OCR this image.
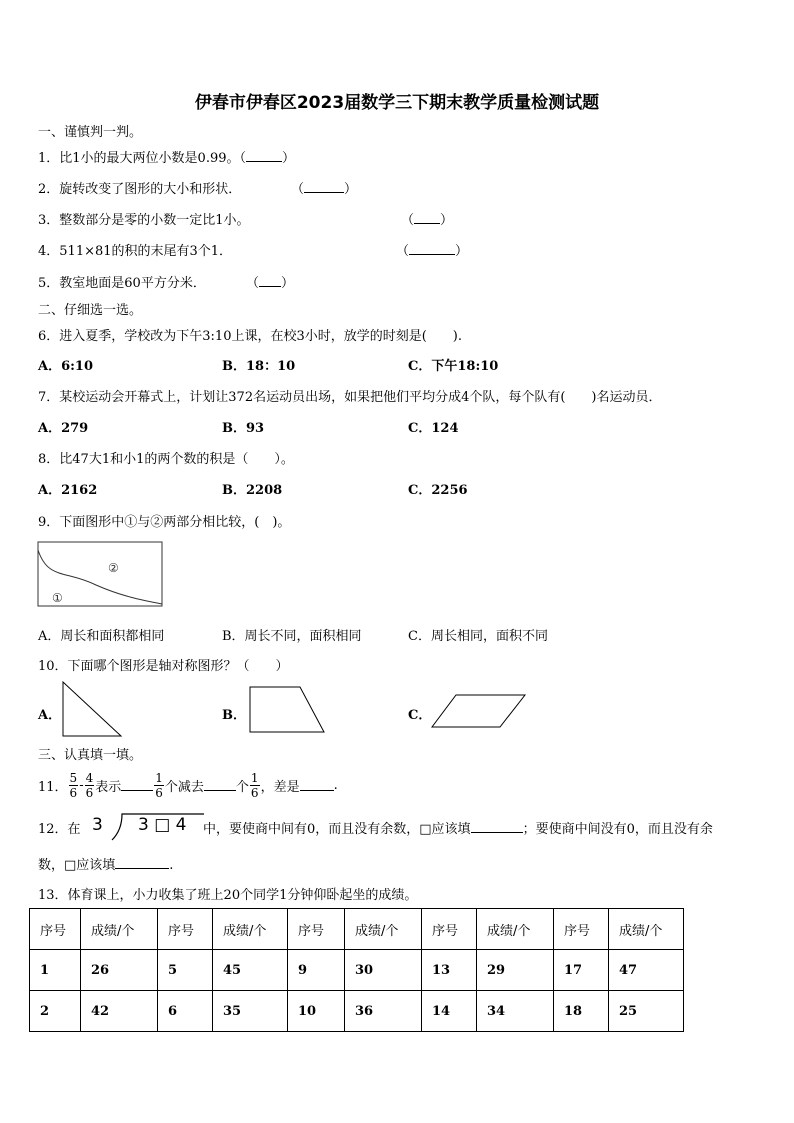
伊春市伊春区2023届数学三下期末教学质量检测试题
一、谨慎判一判。
1．比1小的最大两位小数是0.99。（	）
2．旋转改变了图形的大小和形状．	（	）
3．整数部分是零的小数一定比1小。	（ ）
4．511×81的积的末尾有3个1．	（	）
5．教室地面是60平方分米．	（ ）
二、仔细选一选。
6．进入夏季，学校改为下午3:10上课，在校3小时，放学的时刻是(　　).
A．6:10	B．18：10	C．下午18:10
7．某校运动会开幕式上，计划让372名运动员出场，如果把他们平均分成4个队，每个队有(　　)名运动员．
A．279	B．93	C．124
8．比47大1和小1的两个数的积是（　　）。
A．2162	B．2208	C．2256
9．下面图形中①与②两部分相比较，(　)。
②
①
A．周长和面积都相同	B．周长不同，面积相同	C．周长相同，面积不同
10．下面哪个图形是轴对称图形？（　　）
A．	B．	C．
三、认真填一填。
11． $\frac{5}{6} - \frac{4}{6}$ 表示	$\frac{1}{6}$ 个减去 个 $\frac{1}{6}$ ，差是	.
12．在 3 3 □ 4 中，要使商中间有0，而且没有余数，□应该填	；要使商中间没有0，而且没有余
数，□应该填	.
13．体育课上，小力收集了班上20个同学1分钟仰卧起坐的成绩。
序号	成绩/个	序号	成绩/个	序号	成绩/个	序号	成绩/个	序号	成绩/个
1	26	5	45	9	30	13	29	17	47
2	42	6	35	10	36	14	34	18	25
